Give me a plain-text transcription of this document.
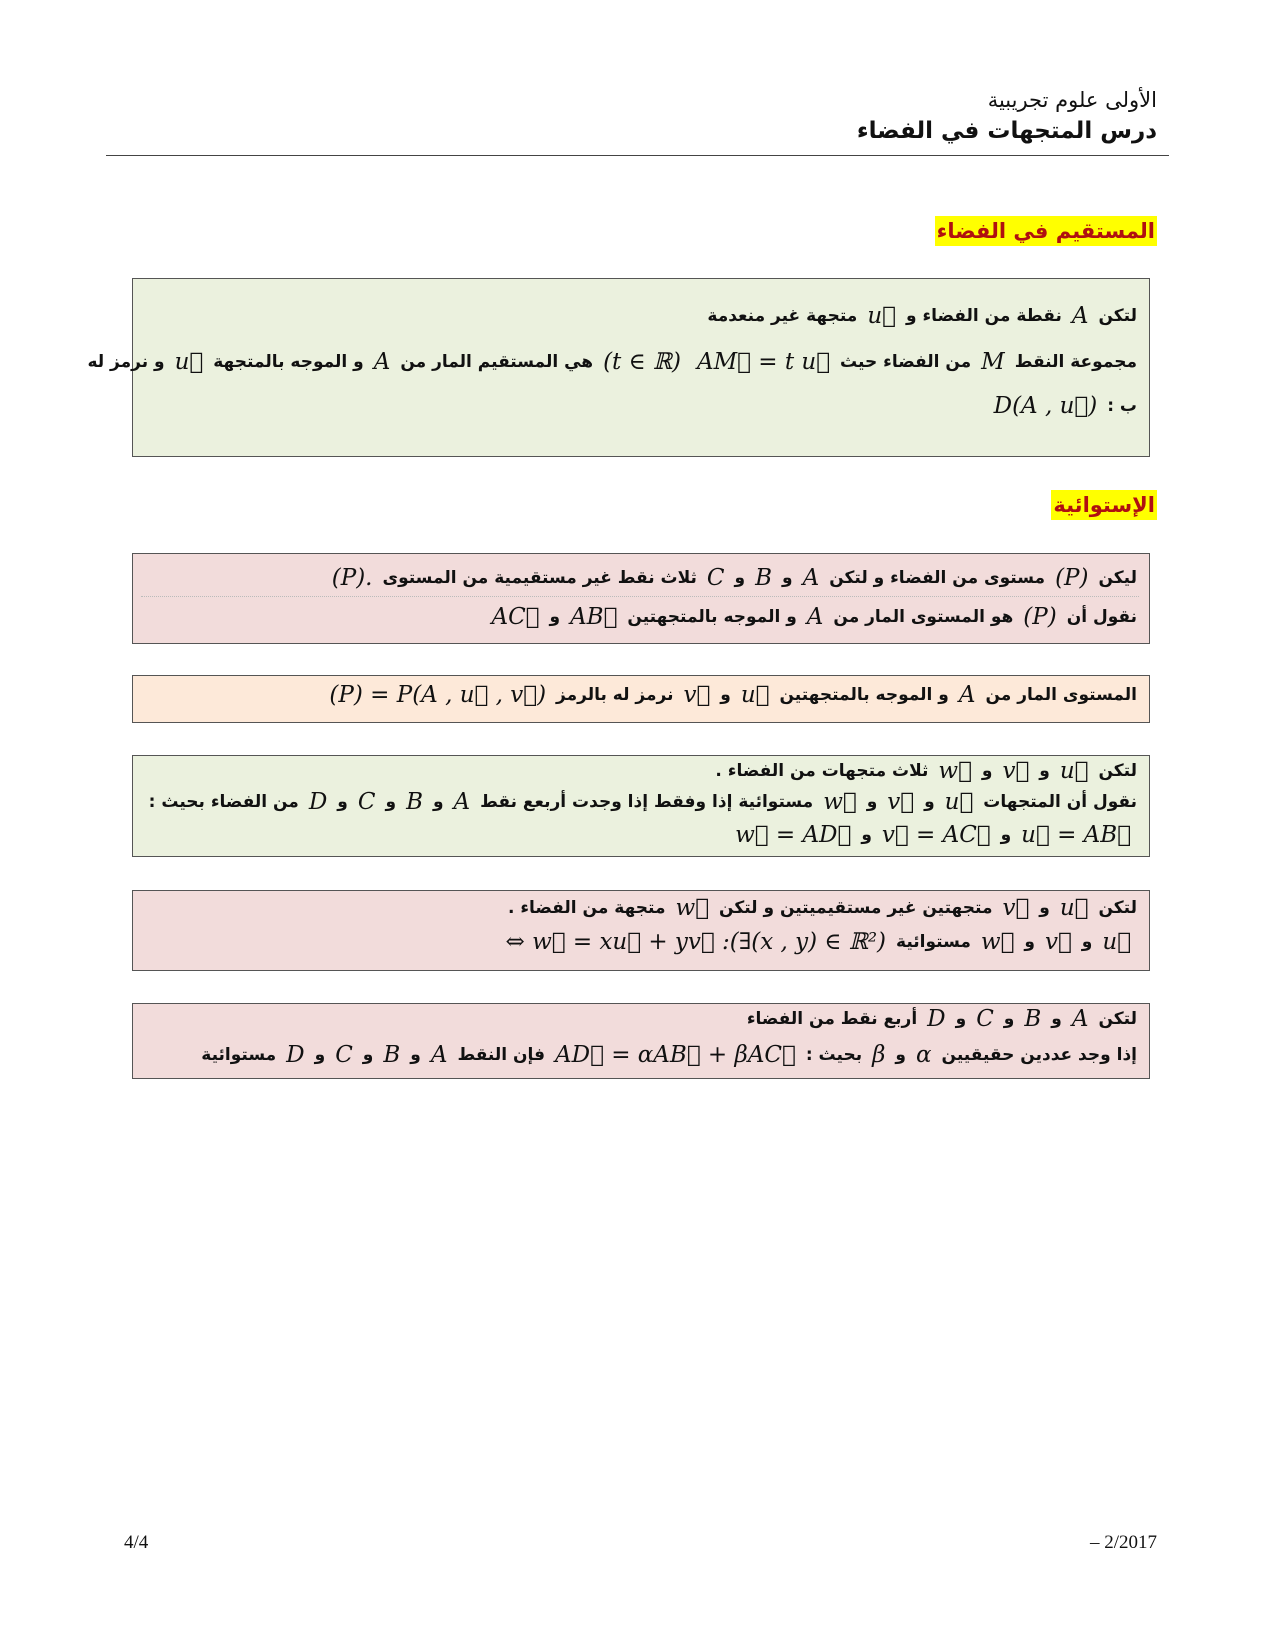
الأولى علوم تجريبية
درس المتجهات في الفضاء
المستقيم في الفضاء
لتكن
A
نقطة من الفضاء و
u⃗
متجهة غير منعدمة
مجموعة النقط
M
من الفضاء حيث
AM⃗ = t u⃗
(t ∈ ℝ)
هي المستقيم المار من
A
و الموجه بالمتجهة
u⃗
و نرمز له
ب :
D(A , u⃗)
الإستوائية
ليكن
(P)
مستوى من الفضاء و لتكن
A
و
B
و
C
ثلاث نقط غير مستقيمية من المستوى
(P).
نقول أن
(P)
هو المستوى المار من
A
و الموجه بالمتجهتين
AB⃗
و
AC⃗
المستوى المار من
A
و الموجه بالمتجهتين
u⃗
و
v⃗
نرمز له بالرمز
(P) = P(A , u⃗ , v⃗)
لتكن
u⃗
و
v⃗
و
w⃗
ثلاث متجهات من الفضاء .
نقول أن المتجهات
u⃗
و
v⃗
و
w⃗
مستوائية إذا وفقط إذا وجدت أربعع نقط
A
و
B
و
C
و
D
من الفضاء بحيث :
u⃗ = AB⃗
و
v⃗ = AC⃗
و
w⃗ = AD⃗
لتكن
u⃗
و
v⃗
متجهتين غير مستقيميتين و لتكن
w⃗
متجهة من الفضاء .
u⃗
و
v⃗
و
w⃗
مستوائية
⇔ w⃗ = xu⃗ + yv⃗ :(∃(x , y) ∈ ℝ²)
لتكن
A
و
B
و
C
و
D
أربع نقط من الفضاء
إذا وجد عددين حقيقيين
α
و
β
بحيث :
AD⃗ = αAB⃗ + βAC⃗
فإن النقط
A
و
B
و
C
و
D
مستوائية
4/4	– 2/2017
